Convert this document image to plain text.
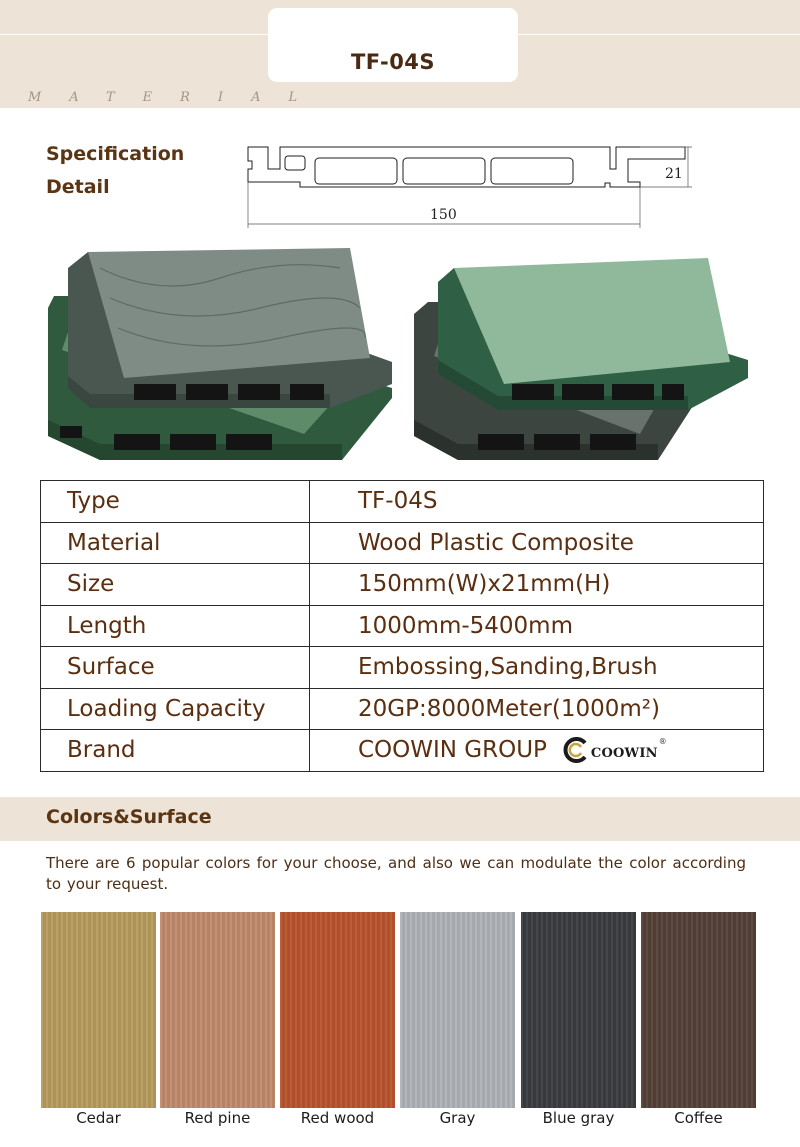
TF-04S
MATERIAL
Specification
Detail
21
150
Type	TF-04S
Material	Wood Plastic Composite
Size	150mm(W)x21mm(H)
Length	1000mm-5400mm
Surface	Embossing,Sanding,Brush
Loading Capacity	20GP:8000Meter(1000m²)
Brand	COOWIN GROUP COOWIN
®
Colors&Surface
There are 6 popular colors for your choose, and also we can modulate the color according to your request.
Cedar	Red pine	Red wood	Gray	Blue gray	Coffee
